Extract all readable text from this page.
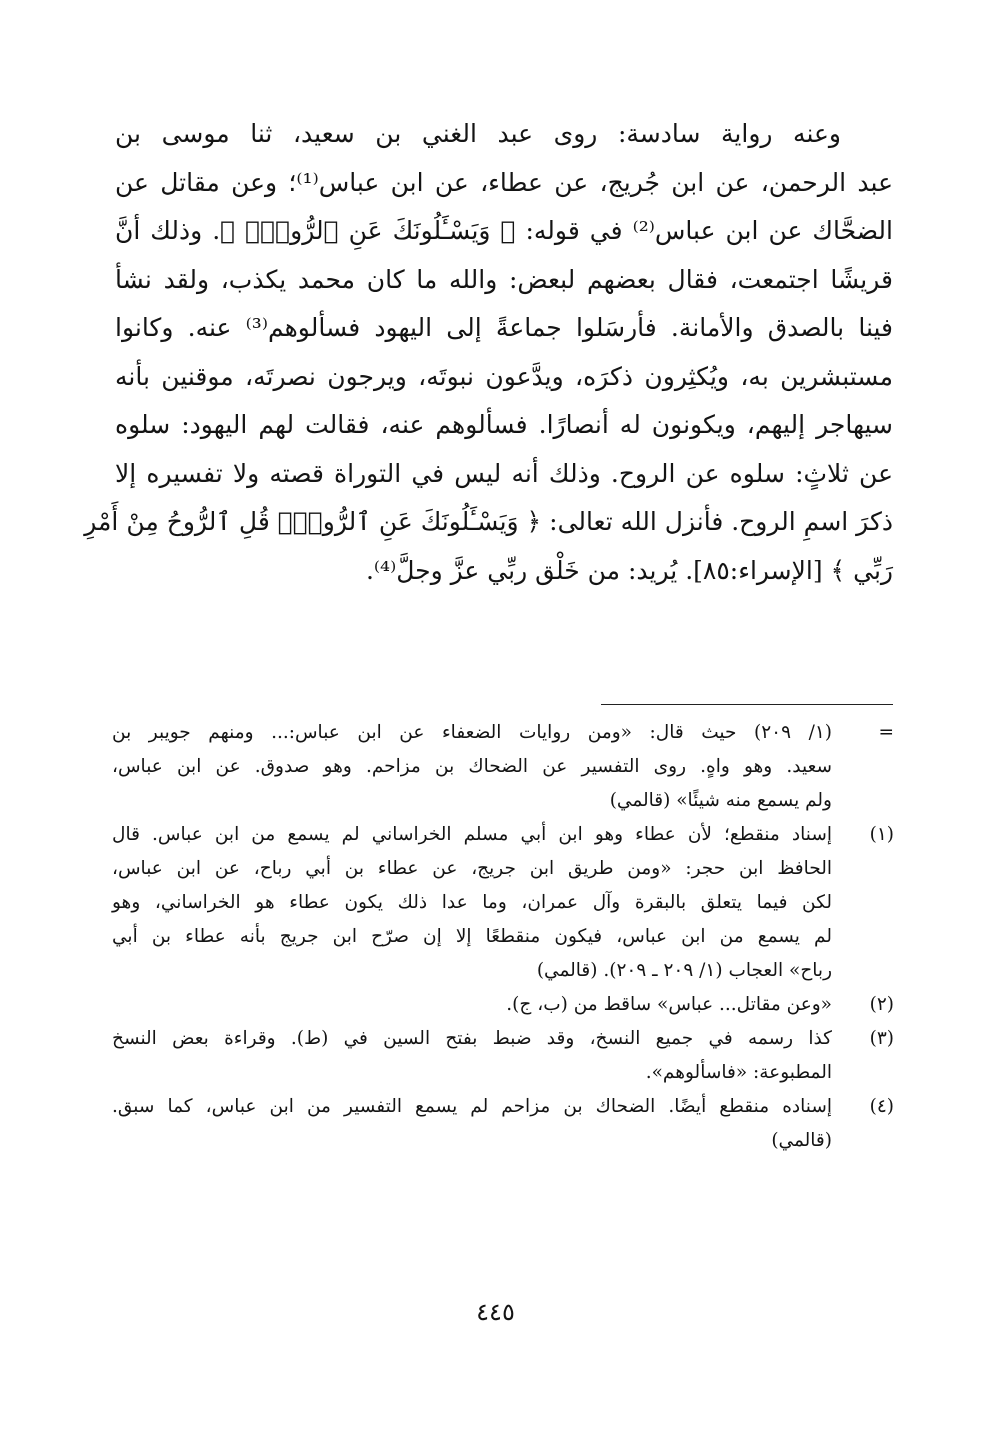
وعنه رواية سادسة: روى عبد الغني بن سعيد، ثنا موسى بن
عبد الرحمن، عن ابن جُريج، عن عطاء، عن ابن عباس⁽¹⁾؛ وعن مقاتل عن
الضحَّاك عن ابن عباس⁽²⁾ في قوله: ﴿ وَيَسْـَٔلُونَكَ عَنِ ٱلرُّوحِۖ ﴾. وذلك أنَّ
قريشًا اجتمعت، فقال بعضهم لبعض: والله ما كان محمد يكذب، ولقد نشأ
فينا بالصدق والأمانة. فأرسَلوا جماعةً إلى اليهود فسألوهم⁽³⁾ عنه. وكانوا
مستبشرين به، ويُكثِرون ذكرَه، ويدَّعون نبوتَه، ويرجون نصرتَه، موقنين بأنه
سيهاجر إليهم، ويكونون له أنصارًا. فسألوهم عنه، فقالت لهم اليهود: سلوه
عن ثلاثٍ: سلوه عن الروح. وذلك أنه ليس في التوراة قصته ولا تفسيره إلا
ذكرَ اسمِ الروح. فأنزل الله تعالى: ﴿ وَيَسْـَٔلُونَكَ عَنِ ٱلرُّوحِۖ قُلِ ٱلرُّوحُ مِنْ أَمْرِ
رَبِّي ﴾ [الإسراء:٨٥]. يُريد: من خَلْق ربِّي عزَّ وجلَّ⁽⁴⁾.
=
(١/ ٢٠٩) حيث قال: «ومن روايات الضعفاء عن ابن عباس:... ومنهم جويبر بن
سعيد. وهو واهٍ. روى التفسير عن الضحاك بن مزاحم. وهو صدوق. عن ابن عباس،
ولم يسمع منه شيئًا» (قالمي)
(١)
إسناد منقطع؛ لأن عطاء وهو ابن أبي مسلم الخراساني لم يسمع من ابن عباس. قال
الحافظ ابن حجر: «ومن طريق ابن جريج، عن عطاء بن أبي رباح، عن ابن عباس،
لكن فيما يتعلق بالبقرة وآل عمران، وما عدا ذلك يكون عطاء هو الخراساني، وهو
لم يسمع من ابن عباس، فيكون منقطعًا إلا إن صرّح ابن جريج بأنه عطاء بن أبي
رباح» العجاب (١/ ٢٠٩ ـ ٢٠٩). (قالمي)
(٢)
«وعن مقاتل... عباس» ساقط من (ب، ج).
(٣)
كذا رسمه في جميع النسخ، وقد ضبط بفتح السين في (ط). وقراءة بعض النسخ
المطبوعة: «فاسألوهم».
(٤)
إسناده منقطع أيضًا. الضحاك بن مزاحم لم يسمع التفسير من ابن عباس، كما سبق.
(قالمي)
٤٤٥
